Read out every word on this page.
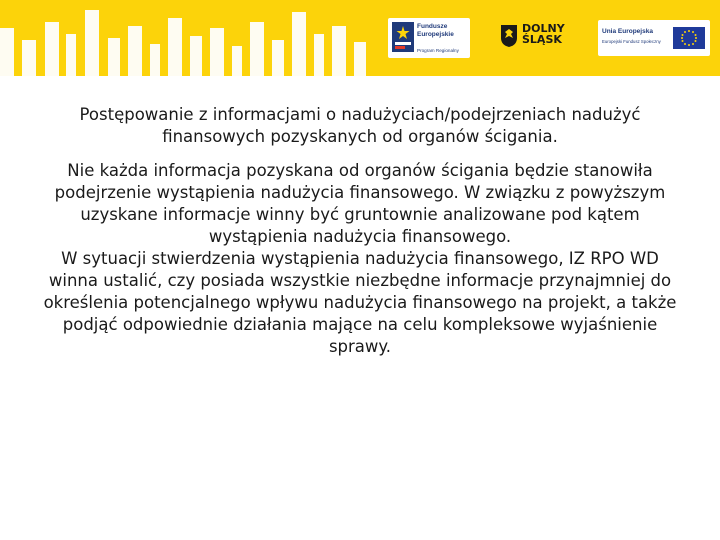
Fundusze
Europejskie
Program Regionalny
DOLNY
ŚLĄSK
Unia Europejska
Europejski Fundusz Społeczny
Postępowanie z informacjami o nadużyciach/podejrzeniach nadużyć finansowych pozyskanych od organów ścigania.

Nie każda informacja pozyskana od organów ścigania będzie stanowiła podejrzenie wystąpienia nadużycia finansowego. W związku z powyższym uzyskane informacje winny być gruntownie analizowane pod kątem wystąpienia nadużycia finansowego.

W sytuacji stwierdzenia wystąpienia nadużycia finansowego, IZ RPO WD winna ustalić, czy posiada wszystkie niezbędne informacje przynajmniej do określenia potencjalnego wpływu nadużycia finansowego na projekt, a także podjąć odpowiednie działania mające na celu kompleksowe wyjaśnienie sprawy.
